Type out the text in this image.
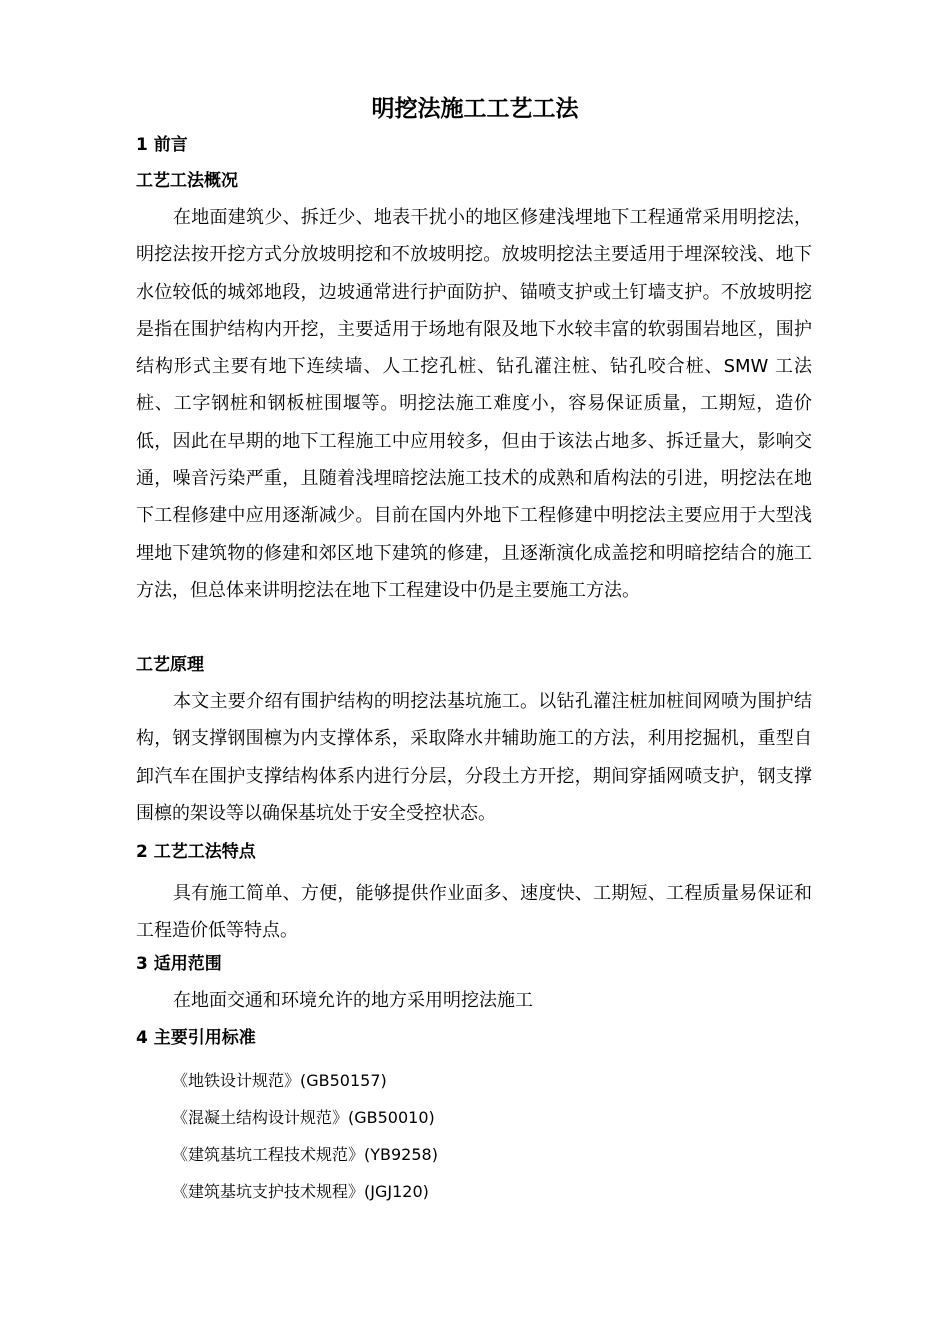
明挖法施工工艺工法
1 前言
工艺工法概况

在地面建筑少、拆迁少、地表干扰小的地区修建浅埋地下工程通常采用明挖法，明挖法按开挖方式分放坡明挖和不放坡明挖。放坡明挖法主要适用于埋深较浅、地下水位较低的城郊地段，边坡通常进行护面防护、锚喷支护或土钉墙支护。不放坡明挖是指在围护结构内开挖，主要适用于场地有限及地下水较丰富的软弱围岩地区，围护结构形式主要有地下连续墙、人工挖孔桩、钻孔灌注桩、钻孔咬合桩、SMW 工法桩、工字钢桩和钢板桩围堰等。明挖法施工难度小，容易保证质量，工期短，造价低，因此在早期的地下工程施工中应用较多，但由于该法占地多、拆迁量大，影响交通，噪音污染严重，且随着浅埋暗挖法施工技术的成熟和盾构法的引进，明挖法在地下工程修建中应用逐渐减少。目前在国内外地下工程修建中明挖法主要应用于大型浅埋地下建筑物的修建和郊区地下建筑的修建，且逐渐演化成盖挖和明暗挖结合的施工方法，但总体来讲明挖法在地下工程建设中仍是主要施工方法。

工艺原理

本文主要介绍有围护结构的明挖法基坑施工。以钻孔灌注桩加桩间网喷为围护结构，钢支撑钢围檩为内支撑体系，采取降水井辅助施工的方法，利用挖掘机，重型自卸汽车在围护支撑结构体系内进行分层，分段土方开挖，期间穿插网喷支护，钢支撑围檩的架设等以确保基坑处于安全受控状态。

2 工艺工法特点

具有施工简单、方便，能够提供作业面多、速度快、工期短、工程质量易保证和工程造价低等特点。

3 适用范围

在地面交通和环境允许的地方采用明挖法施工

4 主要引用标准

《地铁设计规范》(GB50157)

《混凝土结构设计规范》(GB50010)

《建筑基坑工程技术规范》(YB9258)

《建筑基坑支护技术规程》(JGJ120)
